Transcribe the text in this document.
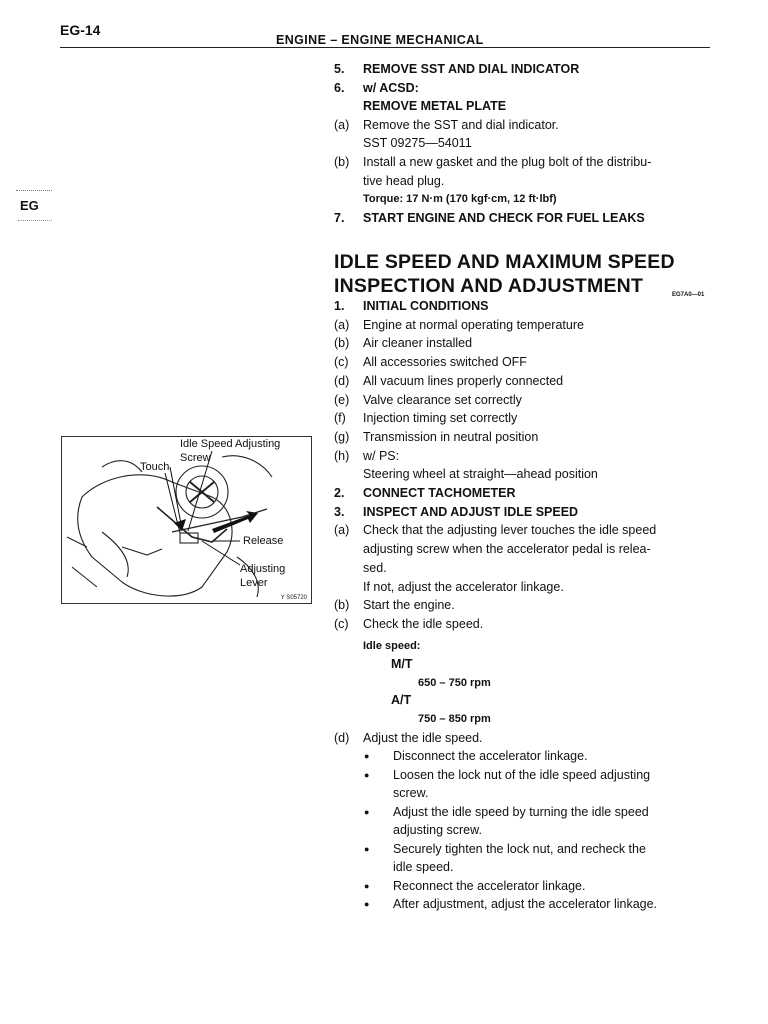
EG-14
ENGINE – ENGINE MECHANICAL
EG
5. REMOVE SST AND DIAL INDICATOR
6. w/ ACSD:
REMOVE METAL PLATE
(a) Remove the SST and dial indicator.
SST 09275—54011
(b) Install a new gasket and the plug bolt of the distribu-
tive head plug.
Torque: 17 N·m (170 kgf·cm, 12 ft·lbf)
7. START ENGINE AND CHECK FOR FUEL LEAKS
IDLE SPEED AND MAXIMUM SPEED
INSPECTION AND ADJUSTMENT	EG7A0—01
1. INITIAL CONDITIONS
(a) Engine at normal operating temperature
(b) Air cleaner installed
(c) All accessories switched OFF
(d) All vacuum lines properly connected
(e) Valve clearance set correctly
(f) Injection timing set correctly
(g) Transmission in neutral position
(h) w/ PS:
Steering wheel at straight—ahead position
2. CONNECT TACHOMETER
3. INSPECT AND ADJUST IDLE SPEED
(a) Check that the adjusting lever touches the idle speed
adjusting screw when the accelerator pedal is relea-
sed.
If not, adjust the accelerator linkage.
(b) Start the engine.
(c) Check the idle speed.
Idle speed:
M/T
650 – 750 rpm
A/T
750 – 850 rpm
(d) Adjust the idle speed.
● Disconnect the accelerator linkage.
● Loosen the lock nut of the idle speed adjusting
screw.
● Adjust the idle speed by turning the idle speed
adjusting screw.
● Securely tighten the lock nut, and recheck the
idle speed.
● Reconnect the accelerator linkage.
● After adjustment, adjust the accelerator linkage.
Idle Speed Adjusting
Screw
Touch
Release
Adjusting
Lever
Y S05720
